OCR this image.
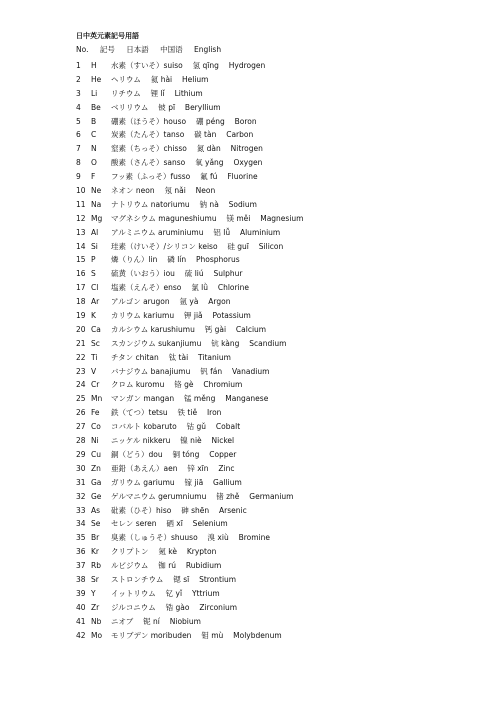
日中英元素記号用語
No. 記号 日本語 中国语 English
1 H 水素（すいそ）suiso　 氢 qīng　 Hydrogen
2 He ヘリウム　 氦 hài　 Helium
3 Li リチウム　 锂 lǐ　 Lithium
4 Be ベリリウム　 铍 pī　 Beryllium
5 B 硼素（ほうそ）houso　 硼 péng　 Boron
6 C 炭素（たんそ）tanso　 碳 tàn　 Carbon
7 N 窒素（ちっそ）chisso　 氮 dàn　 Nitrogen
8 O 酸素（さんそ）sanso　 氧 yǎng　 Oxygen
9 F フッ素（ふっそ）fusso　 氟 fú　 Fluorine
10 Ne ネオン neon　 氖 nǎi　 Neon
11 Na ナトリウム natoriumu　 钠 nà　 Sodium
12 Mg マグネシウム maguneshiumu　 镁 měi　 Magnesium
13 Al アルミニウム aruminiumu　 铝 lǚ　 Aluminium
14 Si 珪素（けいそ）/シリコン keiso　 硅 guī　 Silicon
15 P 燐（りん）lin　 磷 lín　 Phosphorus
16 S 硫黄（いおう）iou　 硫 liú　 Sulphur
17 Cl 塩素（えんそ）enso　 氯 lǜ　 Chlorine
18 Ar アルゴン arugon　 氩 yà　 Argon
19 K カリウム kariumu　 钾 jiǎ　 Potassium
20 Ca カルシウム karushiumu　 钙 gài　 Calcium
21 Sc スカンジウム sukanjiumu　 钪 kàng　 Scandium
22 Ti チタン chitan　 钛 tài　 Titanium
23 V バナジウム banajiumu　 钒 fán　 Vanadium
24 Cr クロム kuromu　 铬 gè　 Chromium
25 Mn マンガン mangan　 锰 měng　 Manganese
26 Fe 鉄（てつ）tetsu　 铁 tiě　 Iron
27 Co コバルト kobaruto　 钴 gǔ　 Cobalt
28 Ni ニッケル nikkeru　 镍 niè　 Nickel
29 Cu 銅（どう）dou　 铜 tóng　 Copper
30 Zn 亜鉛（あえん）aen　 锌 xīn　 Zinc
31 Ga ガリウム gariumu　 镓 jiā　 Gallium
32 Ge ゲルマニウム gerumniumu　 锗 zhě　 Germanium
33 As 砒素（ひそ）hiso　 砷 shēn　 Arsenic
34 Se セレン seren　 硒 xī　 Selenium
35 Br 臭素（しゅうそ）shuuso　 溴 xiù　 Bromine
36 Kr クリプトン　 氪 kè　 Krypton
37 Rb ルビジウム　 铷 rú　 Rubidium
38 Sr ストロンチウム　 锶 sī　 Strontium
39 Y イットリウム　 钇 yǐ　 Yttrium
40 Zr ジルコニウム　 锆 gào　 Zirconium
41 Nb ニオブ　 铌 ní　 Niobium
42 Mo モリブデン moribuden　 钼 mù　 Molybdenum
